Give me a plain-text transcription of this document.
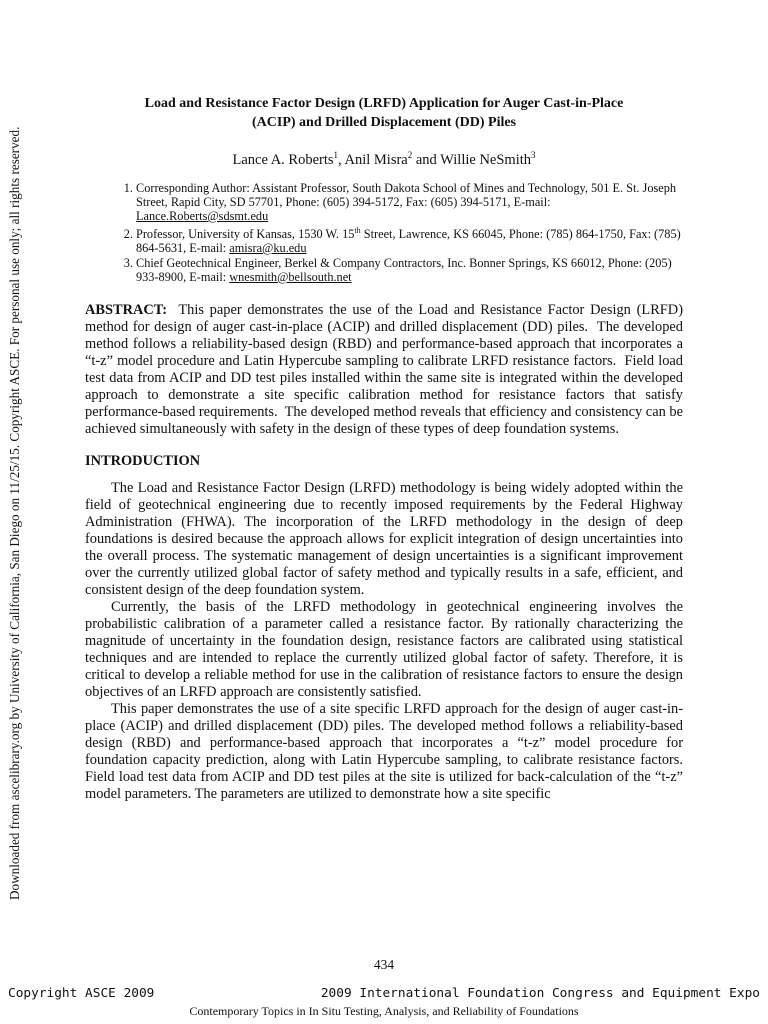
Downloaded from ascelibrary.org by University of California, San Diego on 11/25/15. Copyright ASCE. For personal use only; all rights reserved.

Load and Resistance Factor Design (LRFD) Application for Auger Cast-in-Place
(ACIP) and Drilled Displacement (DD) Piles

Lance A. Roberts$^1$, Anil Misra$^2$ and Willie NeSmith$^3$
1. Corresponding Author: Assistant Professor, South Dakota School of Mines and Technology, 501 E. St. Joseph Street, Rapid City, SD 57701, Phone: (605) 394-5172, Fax: (605) 394-5171, E-mail: Lance.Roberts@sdsmt.edu
2. Professor, University of Kansas, 1530 W. 15th Street, Lawrence, KS 66045, Phone: (785) 864-1750, Fax: (785) 864-5631, E-mail: amisra@ku.edu
3. Chief Geotechnical Engineer, Berkel & Company Contractors, Inc. Bonner Springs, KS 66012, Phone: (205) 933-8900, E-mail: wnesmith@bellsouth.net

ABSTRACT:  This paper demonstrates the use of the Load and Resistance Factor Design (LRFD) method for design of auger cast-in-place (ACIP) and drilled displacement (DD) piles.  The developed method follows a reliability-based design (RBD) and performance-based approach that incorporates a “t-z” model procedure and Latin Hypercube sampling to calibrate LRFD resistance factors.  Field load test data from ACIP and DD test piles installed within the same site is integrated within the developed approach to demonstrate a site specific calibration method for resistance factors that satisfy performance-based requirements.  The developed method reveals that efficiency and consistency can be achieved simultaneously with safety in the design of these types of deep foundation systems.

INTRODUCTION

The Load and Resistance Factor Design (LRFD) methodology is being widely adopted within the field of geotechnical engineering due to recently imposed requirements by the Federal Highway Administration (FHWA). The incorporation of the LRFD methodology in the design of deep foundations is desired because the approach allows for explicit integration of design uncertainties into the overall process. The systematic management of design uncertainties is a significant improvement over the currently utilized global factor of safety method and typically results in a safe, efficient, and consistent design of the deep foundation system.

Currently, the basis of the LRFD methodology in geotechnical engineering involves the probabilistic calibration of a parameter called a resistance factor. By rationally characterizing the magnitude of uncertainty in the foundation design, resistance factors are calibrated using statistical techniques and are intended to replace the currently utilized global factor of safety. Therefore, it is critical to develop a reliable method for use in the calibration of resistance factors to ensure the design objectives of an LRFD approach are consistently satisfied.

This paper demonstrates the use of a site specific LRFD approach for the design of auger cast-in-place (ACIP) and drilled displacement (DD) piles. The developed method follows a reliability-based design (RBD) and performance-based approach that incorporates a “t-z” model procedure for foundation capacity prediction, along with Latin Hypercube sampling, to calibrate resistance factors. Field load test data from ACIP and DD test piles at the site is utilized for back-calculation of the “t-z” model parameters. The parameters are utilized to demonstrate how a site specific

434
Copyright ASCE 2009	2009 International Foundation Congress and Equipment Expo
Contemporary Topics in In Situ Testing, Analysis, and Reliability of Foundations
